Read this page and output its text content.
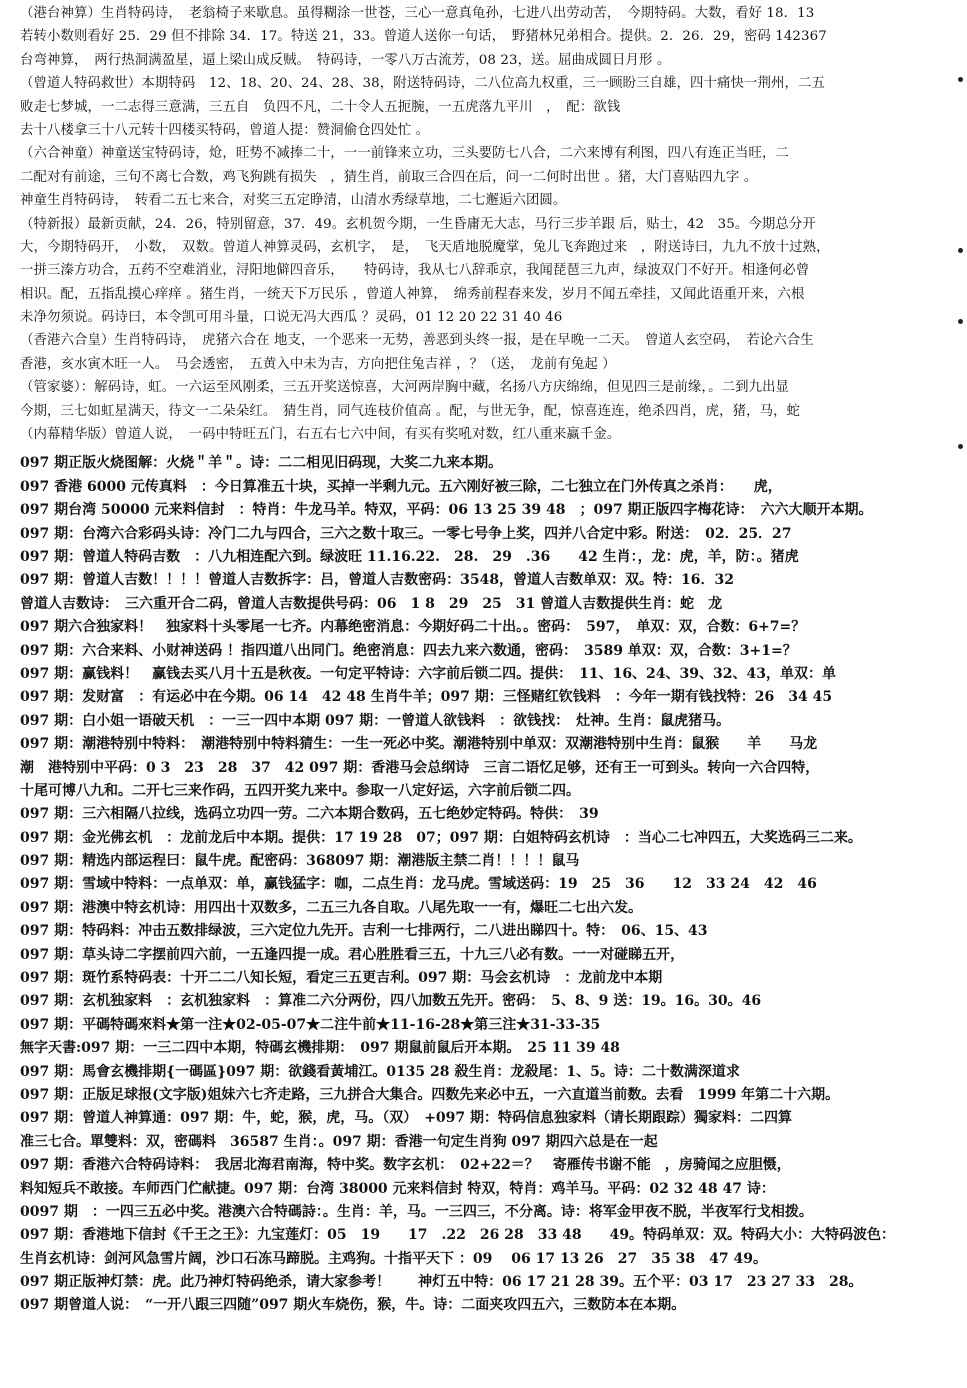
（港台神算）生肖特码诗，　老翁椅子来歇息。虽得糊涂一世苍，三心一意真龟孙，七进八出劳动苦，　今期特码。大数，看好 18．13
若转小数则看好 25．29 但不排除 34．17。特送 21，33。曾道人送你一句话，　野猪林兄弟相合。提供。2．26．29，密码 142367
台弯神算，　两行热洞满盈星，逼上梁山成反贼。　特码诗，一零八万古流芳，08 23，送。屈曲成圆日月形 。
（曾道人特码救世）本期特码　12、18、20、24、28、38，附送特码诗，二八位高九权重，三一顾盼三自雄，四十痛快一荆州，二五
败走七梦城，一二志得三意满，三五自　负四不凡，二十令人五扼腕，一五虎落九平川　，　配：欲钱
去十八楼拿三十八元转十四楼买特码，曾道人提：赞洞偷仓四处忙 。
（六合神童）神童送宝特码诗，炝，旺势不减捧二十，一一前锋来立功，三头要防七八合，二六来博有利图，四八有连正当旺，二
二配对有前途，三句不离七合数，鸡飞狗跳有损失　，猜生肖，前取三合四在后，问一二何时出世 。猪，大门喜贴四九字 。
神童生肖特码诗，　转看二五七来合，对奖三五定睁清，山清水秀绿草地，二七邂逅六团圆。
（特新报）最新贡献，24．26，特别留意，37．49。玄机贺今期，一生昏庸无大志，马行三步羊跟 后，贴士，42　35。今期总分开
大，今期特码开，　小数，　双数。曾道人神算灵码，玄机字，　是，　飞天盾地脱魔掌，兔儿飞奔跑过来　，附送诗曰，九九不放十过熟，
一拼三溱方功合，五药不空难消业，浔阳地僻四音乐，　　特码诗，我从七八辞乖京，我闻琵琶三九声，绿波双门不好开。相逢何必曾
相识。配，五指乱摸心痒痒 。猪生肖，一统天下万民乐 ，曾道人神算，　绵秀前程春来发，岁月不闻五牵挂，又闻此语重开来，六根
未净勿须说。码诗曰，本令凯可用斗量，口说无冯大西瓜 ？灵码，01 12 20 22 31 40 46
（香港六合皇）生肖特码诗，　虎猪六合在 地支，一个恶来一无势，善恶到头终一报，是在早晚一二天。　曾道人玄空码，　若论六合生
香港，亥水寅木旺一人。　马会透密，　五黄入中未为吉，方向把住兔吉祥 ，？（送，　龙前有兔起 ）
（管家婆）：解码诗，虹。一六运至风刚柔，三五开奖送惊喜，大河两岸胸中藏，名扬八方庆绵绵，但见四三是前缘，。二到九出显
今期，三七如虹星满天，待文一二朵朵红。　猜生肖，同气连枝价值高 。配，与世无争，配，惊喜连连，绝杀四肖，虎，猪，马，蛇
（内幕精华版）曾道人说，　一码中特旺五门，右五右七六中间，有买有奖吼对数，红八重来赢千金。
097 期正版火烧图解：火烧＂羊＂。诗：二二相见旧码现，大奖二九来本期。
097 香港 6000 元传真料　：今日算准五十块，买掉一半剩九元。五六刚好被三除，二七独立在门外传真之杀肖：　　虎，
097 期台湾 50000 元来料信封　：特肖：牛龙马羊。特双，平码：06 13 25 39 48　；097 期正版四字梅花诗：　六六大顺开本期。
097 期：台湾六合彩码头诗：冷门二九与四合，三六之数十取三。一零七号争上奖，四并八合定中彩。附送：　02．25．27
097 期：曾道人特码吉数　：八九相连配六到。绿波旺 11.16.22.　28.　29　.36　　42 生肖：，龙：虎，羊，防：。猪虎
097 期：曾道人吉数！！！！曾道人吉数拆字：吕，曾道人吉数密码：3548，曾道人吉数单双：双。特：16．32
曾道人吉数诗：　三六重开合二码，曾道人吉数提供号码：06　1 8　29　25　31 曾道人吉数提供生肖：蛇　龙
097 期六合独家料！　独家料十头零尾一七齐。内幕绝密消息：今期好码二十出。。密码：　597，　单双：双，合数：6+7=？
097 期：六合来料、小财神送码 ！指四道八出同门。绝密消息：四去九来六数通，密码：　3589 单双：双，合数：3+1=？
097 期：赢钱料！　赢钱去买八月十五是秋夜。一句定平特诗：六字前后锁二四。提供：　11、16、24、39、32、43，单双：单
097 期：发财富　：有运必中在今期。06 14　42 48 生肖牛羊；097 期：三怪赌红钦钱料　：今年一期有钱找特：26　34 45
097 期：白小姐一语破天机　：一三一四中本期 097 期：一曾道人欲钱料　：欲钱找：　灶神。生肖：鼠虎猪马。
097 期：潮港特别中特料：　潮港特别中特料猜生：一生一死必中奖。潮港特别中单双：双潮港特别中生肖：鼠猴　　羊　　马龙
潮　港特别中平码：0 3　23　28　37　42 097 期：香港马会总纲诗　三言二语忆足够，还有王一可到头。转向一六合四特，
十尾可博八九和。二开七三来作码，五四开奖九来中。参取一八定好运，六字前后锁二四。
097 期：三六相隔八拉线，选码立功四一劳。二六本期合数码，五七绝妙定特码。特供：　39
097 期：金光佛玄机　：龙前龙后中本期。提供：17 19 28　07；097 期：白姐特码玄机诗　：当心二七冲四五，大奖选码三二来。
097 期：精选内部运程曰：鼠牛虎。配密码：368097 期：潮港版主禁二肖！！！！鼠马
097 期：雪域中特料：一点单双：单，赢钱猛字：咖，二点生肖：龙马虎。雪域送码：19　25　36　　12　33 24　42　46
097 期：港澳中特玄机诗：用四出十双数多，二五三九各自取。八尾先取一一有，爆旺二七出六发。
097 期：特码料：冲击五数排绿波，三六定位九先开。吉利一七排两行，二八进出睇四十。特：　06、15、43
097 期：草头诗二字摆前四六前，一五逢四提一成。君心胜胜看三五，十九三八必有数。一一对碰睇五开，
097 期：斑竹系特码表：十开二二八知长短，看定三五更吉利。097 期：马会玄机诗　：龙前龙中本期
097 期：玄机独家料　：玄机独家料　：算准二六分两份，四八加数五先开。密码：　5、8、9 送：19。16。30。46
097 期：平碼特碼來料★第一注★02-05-07★二注牛前★11-16-28★第三注★31-33-35
無字天書:097 期：一三二四中本期，特碼玄機排期：　097 期鼠前鼠后开本期。　25 11 39 48
097 期：馬會玄機排期{一碼區}097 期：欲錢看黃埔江。0135 28 殺生肖：龙殺尾：1、5。诗：二十数满深道求
097 期：正版足球报(文字版)姐妹六七齐走路，三九拼合大集合。四数先来必中五，一六直道当前数。去看　1999 年第二十六期。
097 期：曾道人神算通：097 期：牛，蛇，猴，虎，马。（双）　+097 期：特码信息独家料（请长期跟踪）獨家料：二四算
准三七合。單雙料：双，密碼料　36587 生肖：。097 期：香港一句定生肖狗 097 期四六总是在一起
097 期：香港六合特码诗料：　我居北海君南海，特中奖。数字玄机：　02+22＝？　寄雁传书谢不能　，房骑闻之应胆慑，
料知短兵不敢接。车师西门伫献捷。097 期：台湾 38000 元来料信封 特双，特肖：鸡羊马。平码：02 32 48 47 诗：
0097 期　：一四三五必中奖。港澳六合特碼詩：。生肖：羊，马。一三四三，不分离。诗：将军金甲夜不脱，半夜军行戈相拨。
097 期：香港地下信封《千王之王》：九宝莲灯：05　19　　17　.22　26 28　33 48　　49。特码单双：双。特码大小：大特码波色：
生肖玄机诗：剑河风急雪片阔，沙口石冻马蹄脱。主鸡狗。十指平天下 ：09　 06 17 13 26　27　35 38　47 49。
097 期正版神灯禁：虎。此乃神灯特码绝杀，请大家参考！　　神灯五中特：06 17 21 28 39。五个平：03 17　23 27 33　28。
097 期曾道人说：　“一开八跟三四随”097 期火车烧伤，猴，牛。诗：二面夹攻四五六，三数防本在本期。
